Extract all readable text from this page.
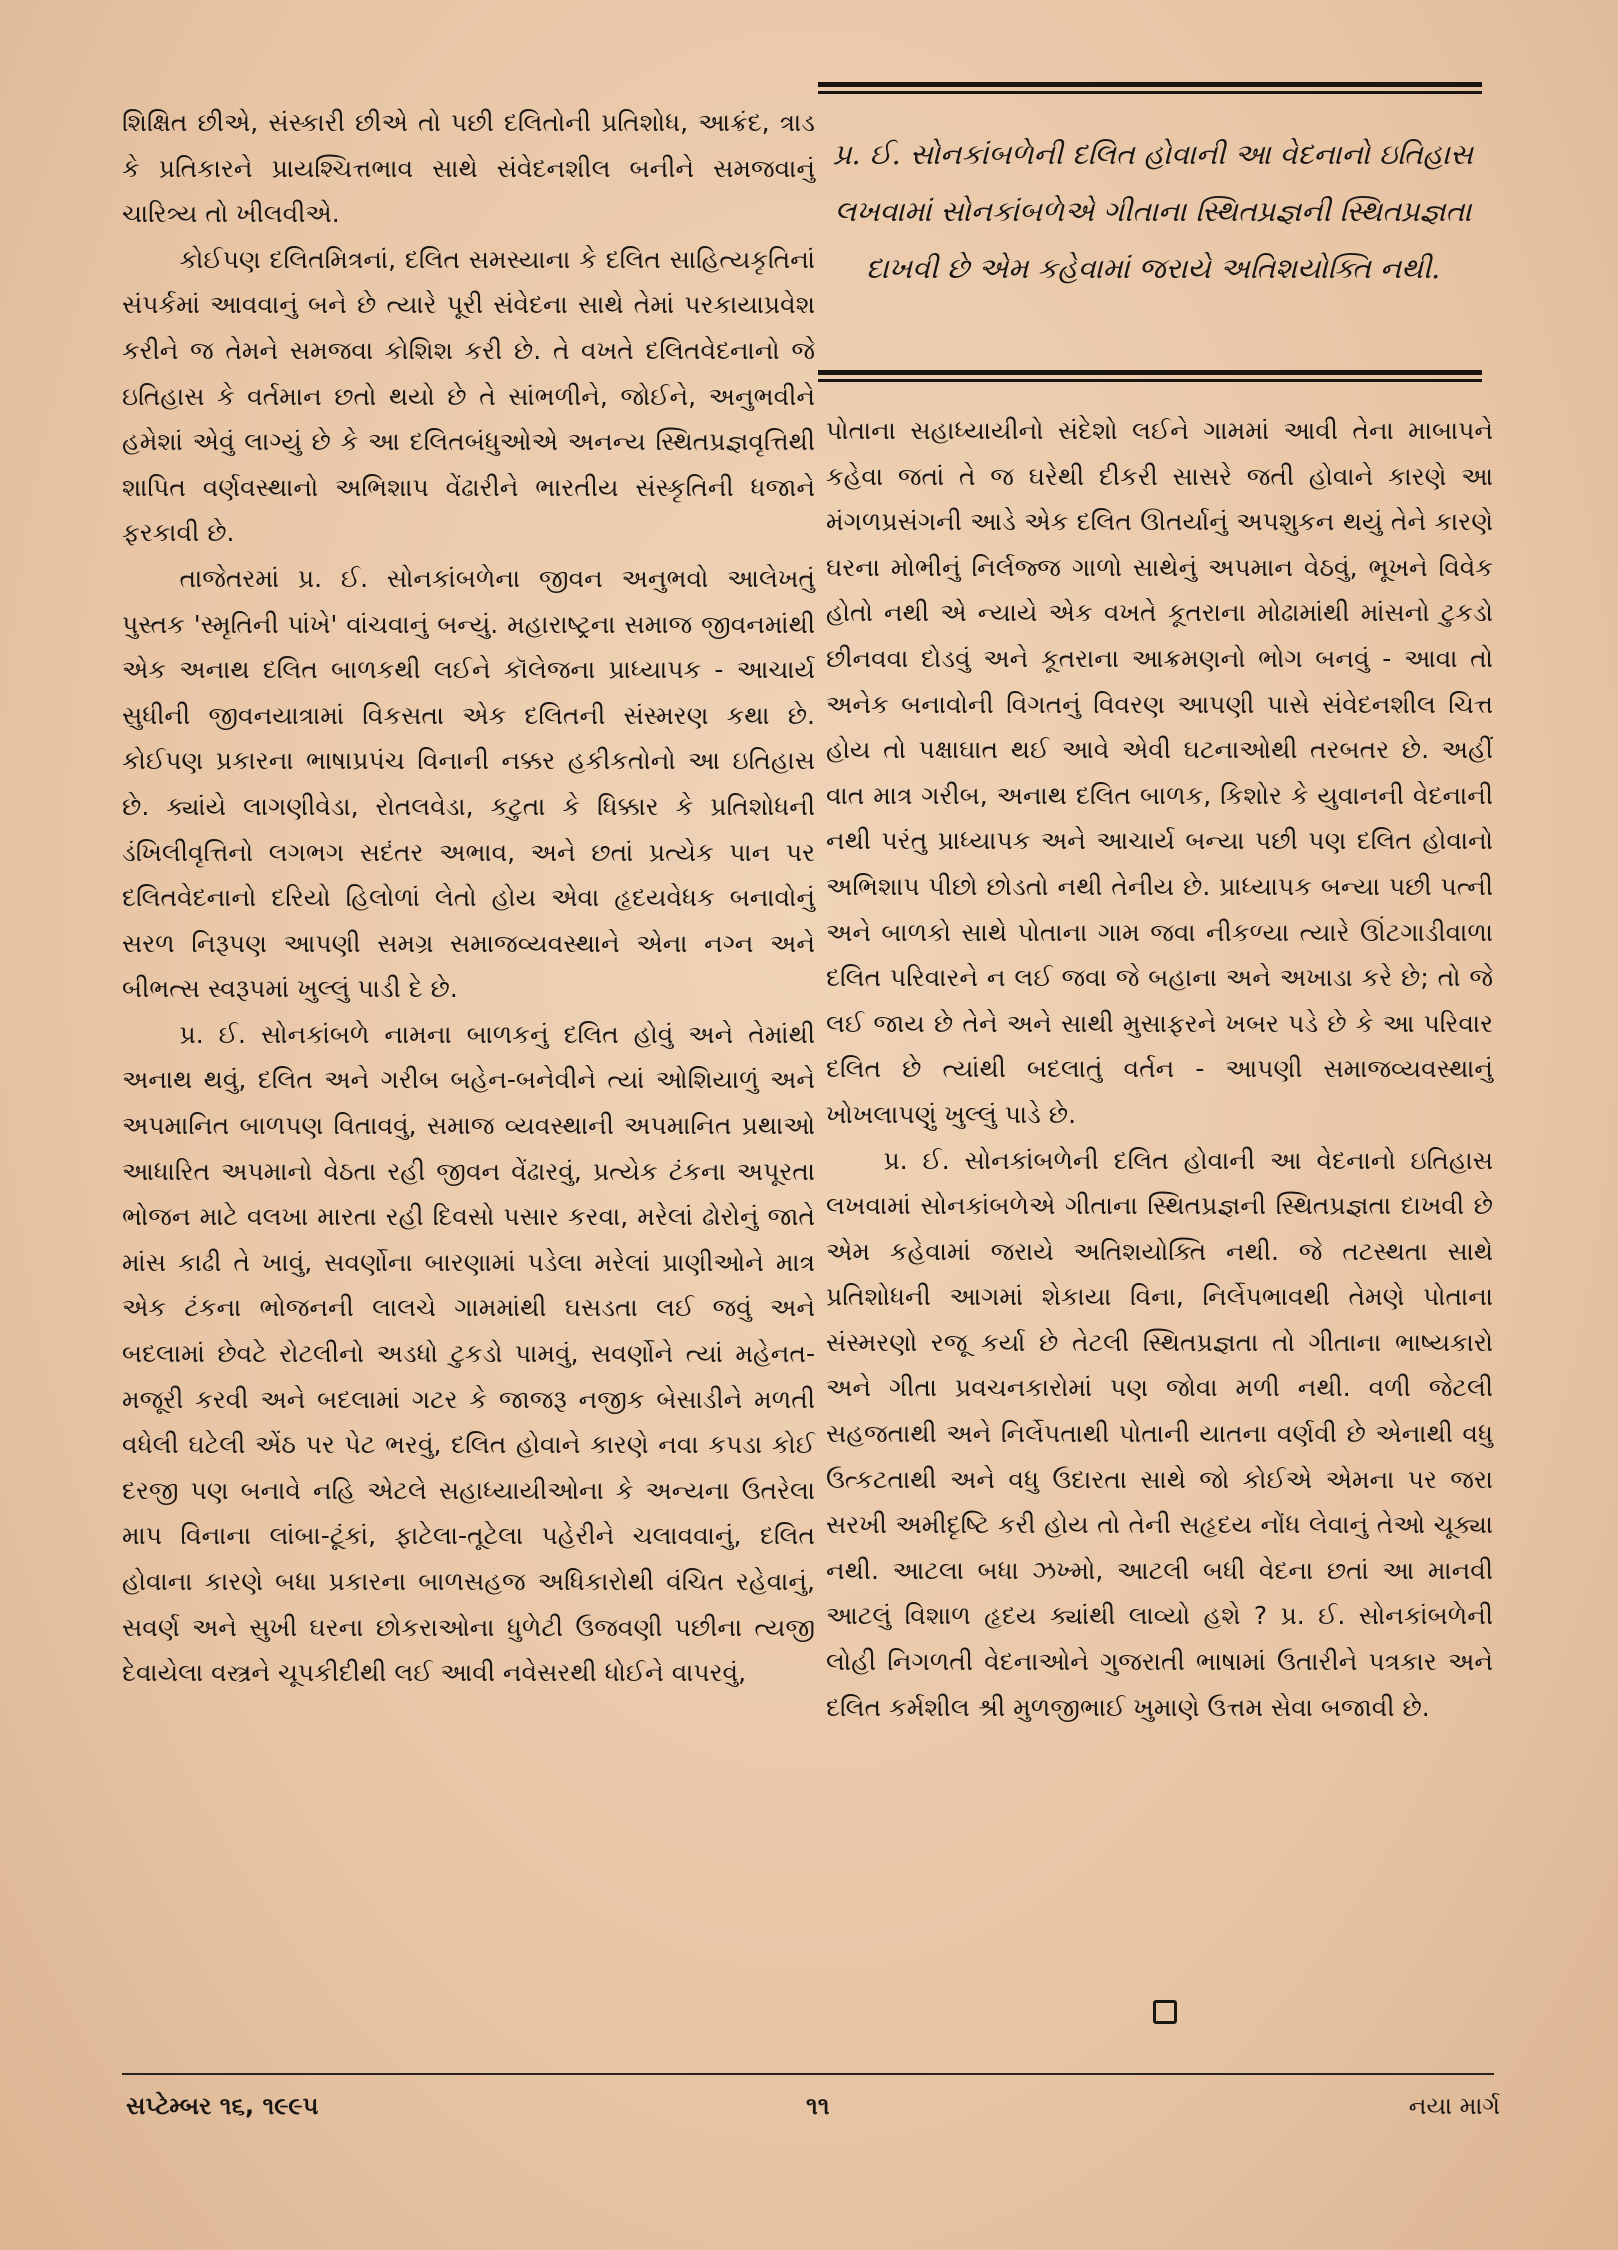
શિક્ષિત છીએ, સંસ્કારી છીએ તો પછી દલિતોની પ્રતિશોધ, આક્રંદ, ત્રાડ કે પ્રતિકારને પ્રાયશ્ચિત્તભાવ સાથે સંવેદનશીલ બનીને સમજવાનું ચારિત્ર્ય તો ખીલવીએ.

કોઈપણ દલિતમિત્રનાં, દલિત સમસ્યાના કે દલિત સાહિત્યકૃતિનાં સંપર્કમાં આવવાનું બને છે ત્યારે પૂરી સંવેદના સાથે તેમાં પરકાયાપ્રવેશ કરીને જ તેમને સમજવા કોશિશ કરી છે. તે વખતે દલિતવેદનાનો જે ઇતિહાસ કે વર્તમાન છતો થયો છે તે સાંભળીને, જોઈને, અનુભવીને હમેશાં એવું લાગ્યું છે કે આ દલિતબંધુઓએ અનન્ય સ્થિતપ્રજ્ઞવૃત્તિથી શાપિત વર્ણવસ્થાનો અભિશાપ વેંઢારીને ભારતીય સંસ્કૃતિની ધજાને ફરકાવી છે.

તાજેતરમાં પ્ર. ઈ. સોનકાંબળેના જીવન અનુભવો આલેખતું પુસ્તક 'સ્મૃતિની પાંખે' વાંચવાનું બન્યું. મહારાષ્ટ્રના સમાજ જીવનમાંથી એક અનાથ દલિત બાળકથી લઈને કૉલેજના પ્રાધ્યાપક - આચાર્ય સુધીની જીવનયાત્રામાં વિકસતા એક દલિતની સંસ્મરણ કથા છે. કોઈપણ પ્રકારના ભાષાપ્રપંચ વિનાની નક્કર હકીકતોનો આ ઇતિહાસ છે. ક્યાંયે લાગણીવેડા, રોતલવેડા, કટુતા કે ધિક્કાર કે પ્રતિશોધની ડંખિલીવૃત્તિનો લગભગ સદંતર અભાવ, અને છતાં પ્રત્યેક પાન પર દલિતવેદનાનો દરિયો હિલોળાં લેતો હોય એવા હૃદયવેધક બનાવોનું સરળ નિરૂપણ આપણી સમગ્ર સમાજવ્યવસ્થાને એના નગ્ન અને બીભત્સ સ્વરૂપમાં ખુલ્લું પાડી દે છે.

પ્ર. ઈ. સોનકાંબળે નામના બાળકનું દલિત હોવું અને તેમાંથી અનાથ થવું, દલિત અને ગરીબ બહેન-બનેવીને ત્યાં ઓશિયાળું અને અપમાનિત બાળપણ વિતાવવું, સમાજ વ્યવસ્થાની અપમાનિત પ્રથાઓ આધારિત અપમાનો વેઠતા રહી જીવન વેંઢારવું, પ્રત્યેક ટંકના અપૂરતા ભોજન માટે વલખા મારતા રહી દિવસો પસાર કરવા, મરેલાં ઢોરોનું જાતે માંસ કાઢી તે ખાવું, સવર્ણોના બારણામાં પડેલા મરેલાં પ્રાણીઓને માત્ર એક ટંકના ભોજનની લાલચે ગામમાંથી ઘસડતા લઈ જવું અને બદલામાં છેવટે રોટલીનો અડધો ટુકડો પામવું, સવર્ણોને ત્યાં મહેનત-મજૂરી કરવી અને બદલામાં ગટર કે જાજરૂ નજીક બેસાડીને મળતી વધેલી ઘટેલી એંઠ પર પેટ ભરવું, દલિત હોવાને કારણે નવા કપડા કોઈ દરજી પણ બનાવે નહિ એટલે સહાધ્યાયીઓના કે અન્યના ઉતરેલા માપ વિનાના લાંબા-ટૂંકાં, ફાટેલા-તૂટેલા પહેરીને ચલાવવાનું, દલિત હોવાના કારણે બધા પ્રકારના બાળસહજ અધિકારોથી વંચિત રહેવાનું, સવર્ણ અને સુખી ઘરના છોકરાઓના ધુળેટી ઉજવણી પછીના ત્યજી દેવાયેલા વસ્ત્રને ચૂપકીદીથી લઈ આવી નવેસરથી ધોઈને વાપરવું,

પ્ર. ઈ. સોનકાંબળેની દલિત હોવાની આ વેદનાનો ઇતિહાસ લખવામાં સોનકાંબળેએ ગીતાના સ્થિતપ્રજ્ઞની સ્થિતપ્રજ્ઞતા દાખવી છે એમ કહેવામાં જરાયે અતિશયોક્તિ નથી.

પોતાના સહાધ્યાયીનો સંદેશો લઈને ગામમાં આવી તેના માબાપને કહેવા જતાં તે જ ઘરેથી દીકરી સાસરે જતી હોવાને કારણે આ મંગળપ્રસંગની આડે એક દલિત ઊતર્યાનું અપશુકન થયું તેને કારણે ઘરના મોભીનું નિર્લજ્જ ગાળો સાથેનું અપમાન વેઠવું, ભૂખને વિવેક હોતો નથી એ ન્યાયે એક વખતે કૂતરાના મોઢામાંથી માંસનો ટુકડો છીનવવા દોડવું અને કૂતરાના આક્રમણનો ભોગ બનવું - આવા તો અનેક બનાવોની વિગતનું વિવરણ આપણી પાસે સંવેદનશીલ ચિત્ત હોય તો પક્ષાઘાત થઈ આવે એવી ઘટનાઓથી તરબતર છે. અહીં વાત માત્ર ગરીબ, અનાથ દલિત બાળક, કિશોર કે યુવાનની વેદનાની નથી પરંતુ પ્રાધ્યાપક અને આચાર્ય બન્યા પછી પણ દલિત હોવાનો અભિશાપ પીછો છોડતો નથી તેનીય છે. પ્રાધ્યાપક બન્યા પછી પત્ની અને બાળકો સાથે પોતાના ગામ જવા નીકળ્યા ત્યારે ઊંટગાડીવાળા દલિત પરિવારને ન લઈ જવા જે બહાના અને અખાડા કરે છે; તો જે લઈ જાય છે તેને અને સાથી મુસાફરને ખબર પડે છે કે આ પરિવાર દલિત છે ત્યાંથી બદલાતું વર્તન - આપણી સમાજવ્યવસ્થાનું ખોખલાપણું ખુલ્લું પાડે છે.

પ્ર. ઈ. સોનકાંબળેની દલિત હોવાની આ વેદનાનો ઇતિહાસ લખવામાં સોનકાંબળેએ ગીતાના સ્થિતપ્રજ્ઞની સ્થિતપ્રજ્ઞતા દાખવી છે એમ કહેવામાં જરાયે અતિશયોક્તિ નથી. જે તટસ્થતા સાથે પ્રતિશોધની આગમાં શેકાયા વિના, નિર્લેપભાવથી તેમણે પોતાના સંસ્મરણો રજૂ કર્યા છે તેટલી સ્થિતપ્રજ્ઞતા તો ગીતાના ભાષ્યકારો અને ગીતા પ્રવચનકારોમાં પણ જોવા મળી નથી. વળી જેટલી સહજતાથી અને નિર્લેપતાથી પોતાની યાતના વર્ણવી છે એનાથી વધુ ઉત્કટતાથી અને વધુ ઉદારતા સાથે જો કોઈએ એમના પર જરા સરખી અમીદૃષ્ટિ કરી હોય તો તેની સહૃદય નોંધ લેવાનું તેઓ ચૂક્યા નથી. આટલા બધા ઝખ્મો, આટલી બધી વેદના છતાં આ માનવી આટલું વિશાળ હૃદય ક્યાંથી લાવ્યો હશે ? પ્ર. ઈ. સોનકાંબળેની લોહી નિગળતી વેદનાઓને ગુજરાતી ભાષામાં ઉતારીને પત્રકાર અને દલિત કર્મશીલ શ્રી મુળજીભાઈ ખુમાણે ઉત્તમ સેવા બજાવી છે.

સપ્ટેમ્બર ૧૬, ૧૯૯૫	૧૧	નયા માર્ગ
